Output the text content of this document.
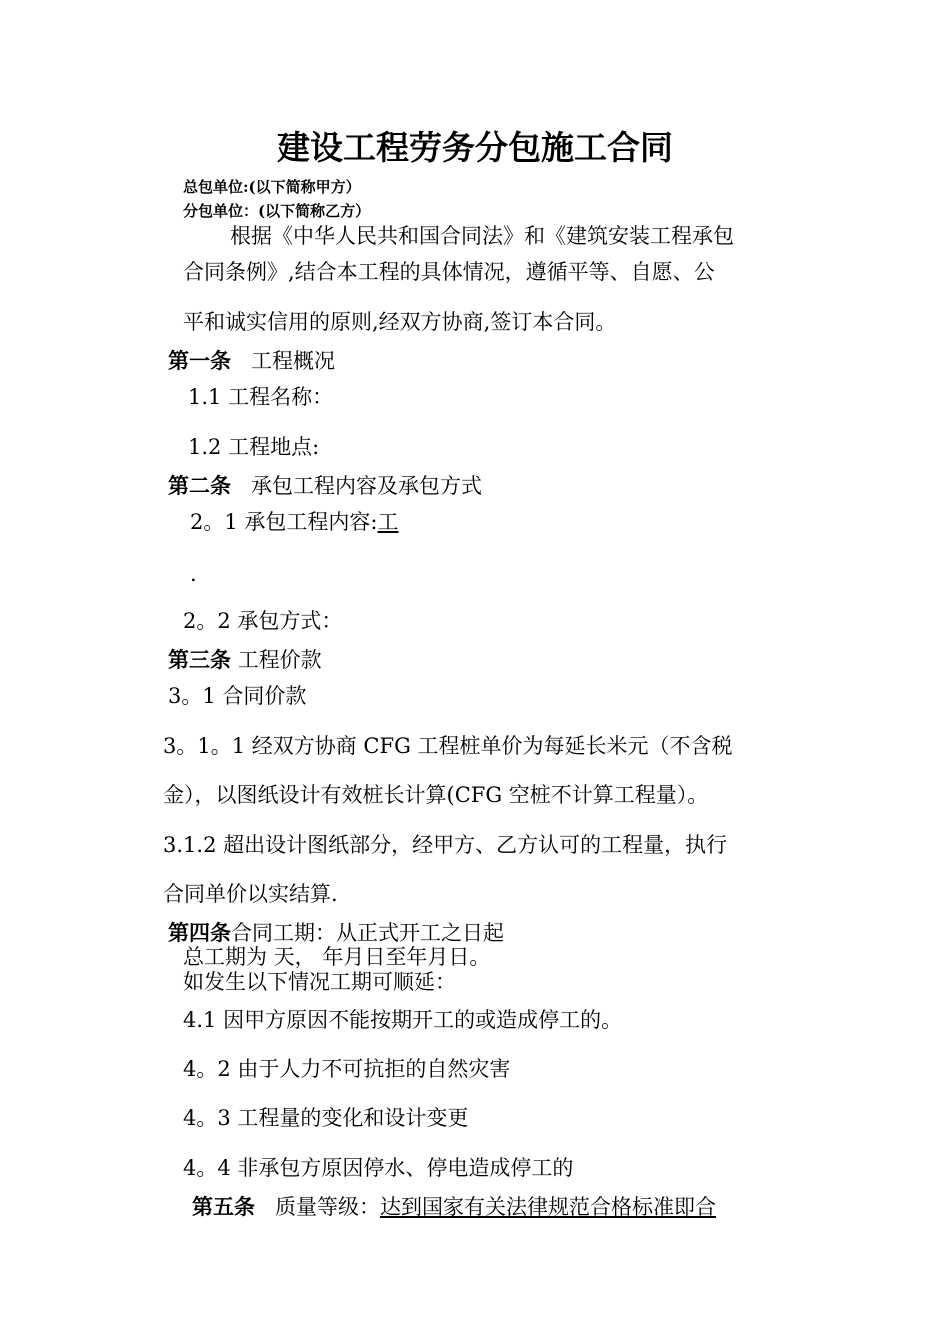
建设工程劳务分包施工合同
总包单位:(以下简称甲方）
分包单位：(以下简称乙方）
根据《中华人民共和国合同法》和《建筑安装工程承包
合同条例》,结合本工程的具体情况，遵循平等、自愿、公
平和诚实信用的原则,经双方协商,签订本合同。
第一条 工程概况
1.1 工程名称：
1.2 工程地点:
第二条 承包工程内容及承包方式
2。1 承包工程内容:工
.
2。2 承包方式：
第三条 工程价款
3。1 合同价款
3。1。1 经双方协商 CFG 工程桩单价为每延长米元（不含税
金），以图纸设计有效桩长计算(CFG 空桩不计算工程量）。
3.1.2 超出设计图纸部分，经甲方、乙方认可的工程量，执行
合同单价以实结算.
第四条合同工期：从正式开工之日起
总工期为 天， 年月日至年月日。
如发生以下情况工期可顺延：
4.1 因甲方原因不能按期开工的或造成停工的。
4。2 由于人力不可抗拒的自然灾害
4。3 工程量的变化和设计变更
4。4 非承包方原因停水、停电造成停工的
第五条 质量等级：达到国家有关法律规范合格标准即合
